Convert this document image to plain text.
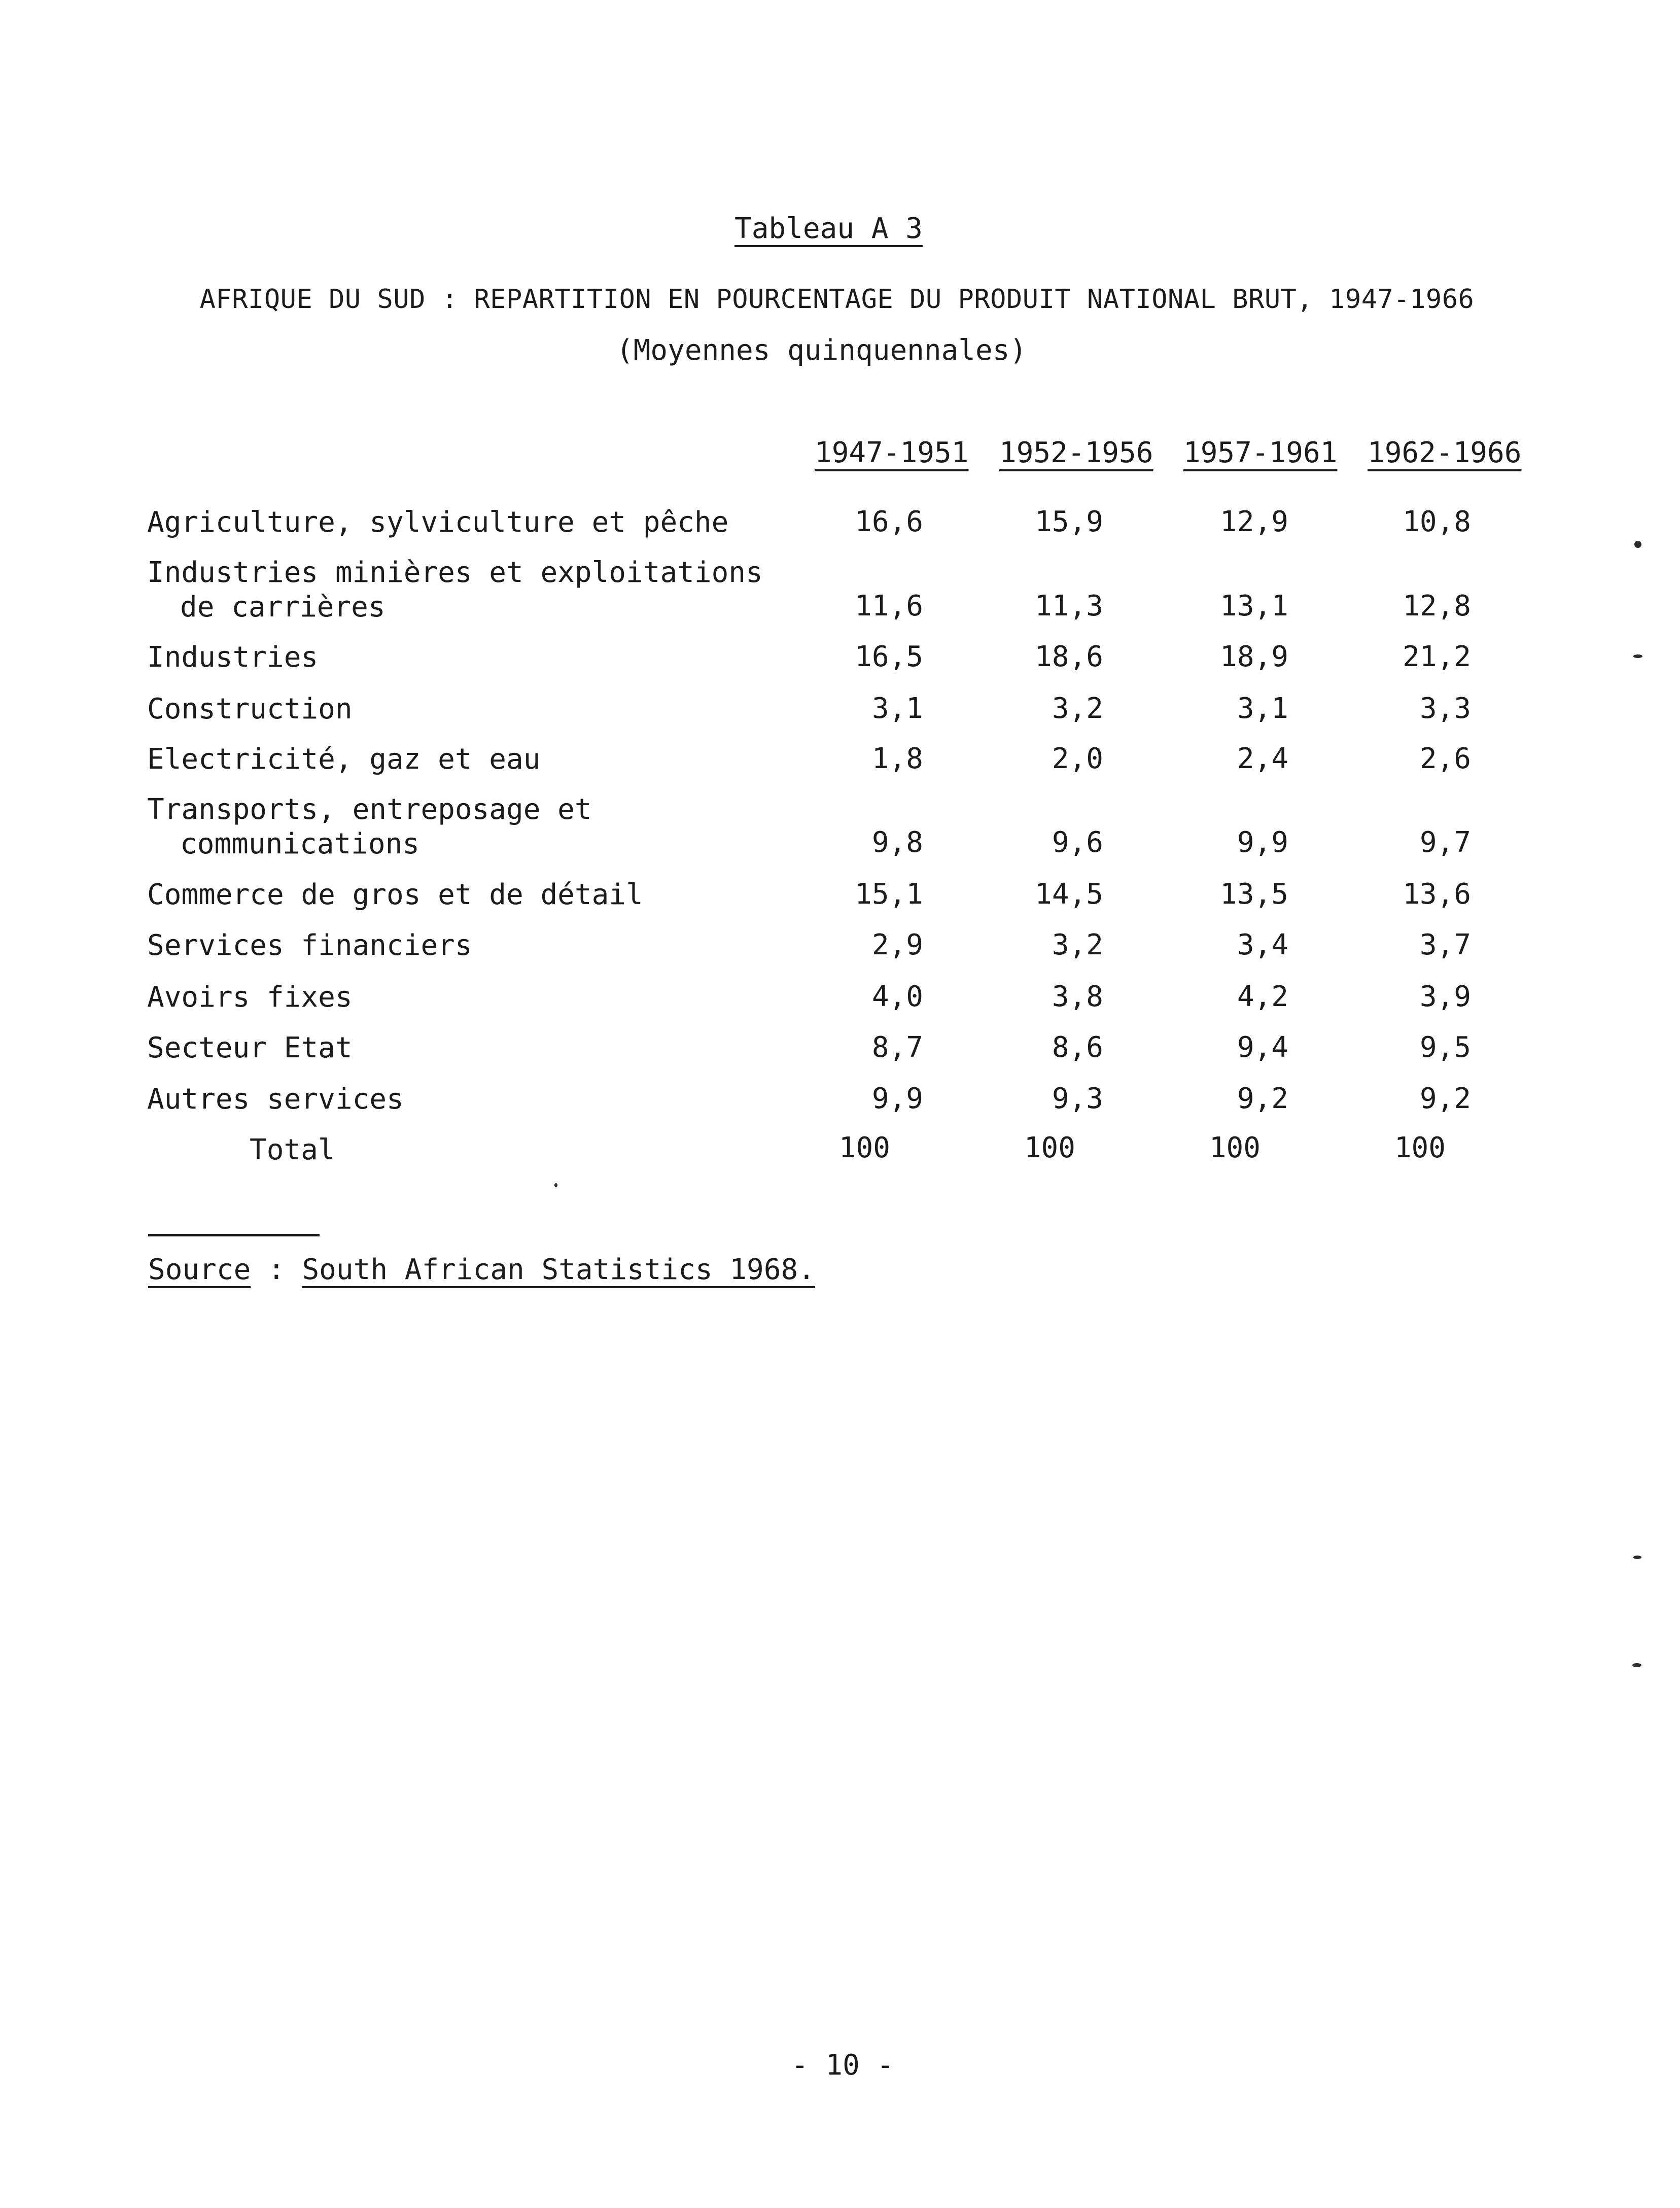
Tableau A 3
AFRIQUE DU SUD : REPARTITION EN POURCENTAGE DU PRODUIT NATIONAL BRUT, 1947-1966
(Moyennes quinquennales)
1947-1951 1952-1956 1957-1961 1962-1966
Agriculture, sylviculture et pêche	16,6	15,9	12,9	10,8
Industries minières et exploitations
de carrières	11,6	11,3	13,1	12,8
Industries	16,5	18,6	18,9	21,2
Construction	3,1	3,2	3,1	3,3
Electricité, gaz et eau	1,8	2,0	2,4	2,6
Transports, entreposage et
communications	9,8	9,6	9,9	9,7
Commerce de gros et de détail	15,1	14,5	13,5	13,6
Services financiers	2,9	3,2	3,4	3,7
Avoirs fixes	4,0	3,8	4,2	3,9
Secteur Etat	8,7	8,6	9,4	9,5
Autres services	9,9	9,3	9,2	9,2
Total	100	100	100	100
Source : South African Statistics 1968.
- 10 -
